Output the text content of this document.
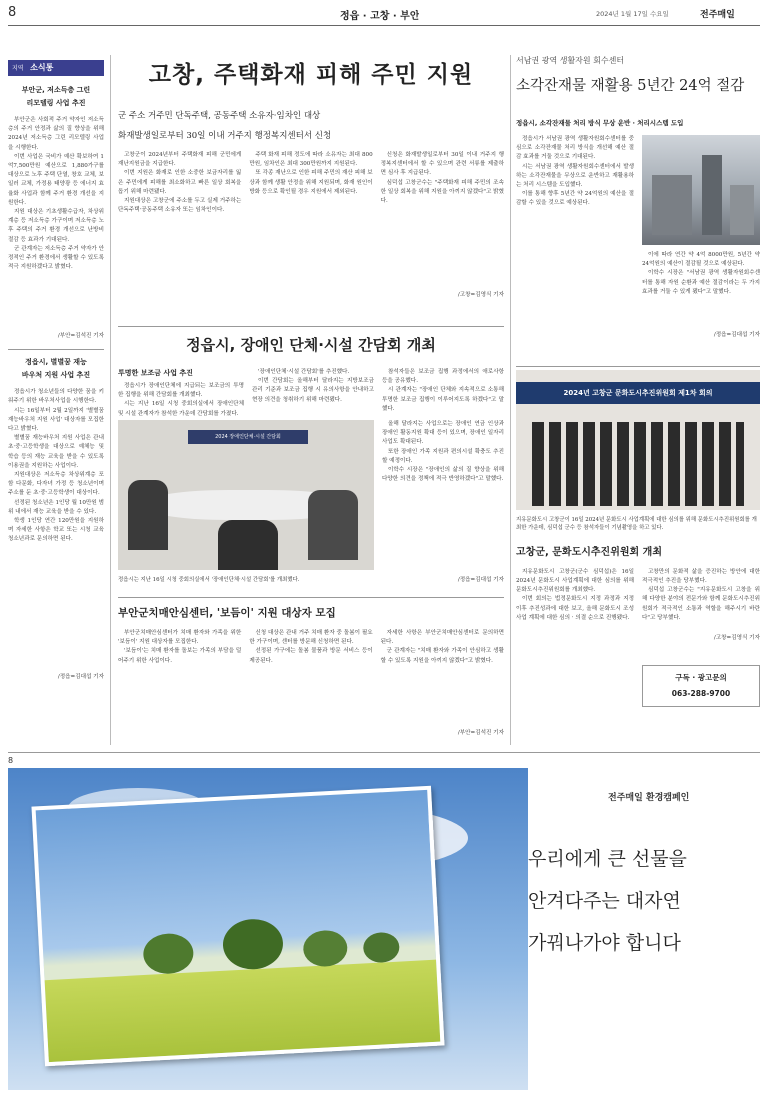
8	정읍 · 고창 · 부안	2024년 1월 17일 수요일	전주매일
지역 소식통
부안군, 저소득층 그린
리모델링 사업 추진

부안군은 사회적 주거 약자인 저소득층의 주거 안정과 삶의 질 향상을 위해 2024년 저소득층 그린 리모델링 사업을 시행한다.

이번 사업은 국비가 예산 확보하여 1억7,500만원 예산으로 1,880가구를 대상으로 노후 주택 단열, 창호 교체, 보일러 교체, 가정용 태양광 등 에너지 효율화 사업과 함께 주거 환경 개선을 지원한다.

지원 대상은 기초생활수급자, 차상위계층 등 저소득층 가구이며 저소득층 노후 주택의 주거 환경 개선으로 난방비 절감 등 효과가 기대된다.

군 관계자는 저소득층 주거 약자가 안정적인 주거 환경에서 생활할 수 있도록 적극 지원하겠다고 밝혔다.

/부안=김석진 기자
정읍시, 별별꿈 재능
바우처 지원 사업 추진

정읍시가 청소년들의 다양한 꿈을 키워주기 위한 바우처사업을 시행한다.

시는 16일부터 2월 2일까지 '별별꿈 재능바우처 지원 사업' 대상자를 모집한다고 밝혔다.

별별꿈 재능바우처 지원 사업은 관내 초·중·고등학생을 대상으로 예체능 및 학습 등의 재능 교육을 받을 수 있도록 이용권을 지원하는 사업이다.

지원대상은 저소득층 차상위계층 포함 다문화, 다자녀 가정 등 청소년이며 주소를 둔 초·중·고등학생이 대상이다.

선정된 청소년은 1인당 월 10만원 범위 내에서 재능 교육을 받을 수 있다.

학생 1인당 연간 120만원을 지원하며 자세한 사항은 학교 또는 시청 교육청소년과로 문의하면 된다.

/정읍=김대섭 기자
고창, 주택화재 피해 주민 지원
군 주소 거주민 단독주택, 공동주택 소유자·임차인 대상
화재발생일로부터 30일 이내 거주지 행정복지센터서 신청

고창군이 2024년부터 주택화재 피해 군민에게 재난지원금을 지급한다.

이번 지원은 화재로 인한 소중한 보금자리를 잃은 주민에게 피해를 최소화하고 빠른 일상 회복을 돕기 위해 마련됐다.

지원대상은 고창군에 주소를 두고 실제 거주하는 단독주택·공동주택 소유자 또는 임차인이다.

주택 화재 피해 정도에 따라 소유자는 최대 800만원, 임차인은 최대 300만원까지 지원된다.

또 각종 재난으로 인한 피해 주민의 재산 피해 보상과 함께 생활 안정을 위해 지원되며, 화재 원인이 방화 등으로 확인될 경우 지원에서 제외된다.

신청은 화재발생일로부터 30일 이내 거주지 행정복지센터에서 할 수 있으며 관련 서류를 제출하면 심사 후 지급된다.

심덕섭 고창군수는 "주택화재 피해 주민의 조속한 일상 회복을 위해 지원을 아끼지 않겠다"고 밝혔다.

/고창=김영식 기자
정읍시, 장애인 단체·시설 간담회 개최
투명한 보조금 사업 추진

정읍시가 장애인단체에 지급되는 보조금의 투명한 집행을 위해 간담회를 개최했다.

시는 지난 16일 시청 중회의실에서 장애인단체 및 시설 관계자가 참석한 가운데 간담회를 가졌다.

'장애인단체·시설 간담회'를 추진했다.

이번 간담회는 올해부터 달라지는 지방보조금 관리 기준과 보조금 집행 시 유의사항을 안내하고 현장 의견을 청취하기 위해 마련됐다.

참석자들은 보조금 집행 과정에서의 애로사항 등을 공유했다.

시 관계자는 "장애인 단체와 지속적으로 소통해 투명한 보조금 집행이 이루어지도록 하겠다"고 말했다.

2024 장애인단체·시설 간담회

올해 달라지는 사업으로는 장애인 연금 인상과 장애인 활동지원 확대 등이 있으며, 장애인 일자리 사업도 확대된다.

또한 장애인 가족 지원과 편의시설 확충도 추진할 예정이다.

이학수 시장은 "장애인의 삶의 질 향상을 위해 다양한 의견을 정책에 적극 반영하겠다"고 말했다.

정읍시는 지난 16일 시청 중회의실에서 '장애인단체·시설 간담회'를 개최했다.	/정읍=김대섭 기자
부안군치매안심센터, '보듬이' 지원 대상자 모집

부안군치매안심센터가 치매 환자와 가족을 위한 '보듬이' 지원 대상자를 모집한다.

'보듬이'는 치매 환자를 돌보는 가족의 부담을 덜어주기 위한 사업이다.

신청 대상은 관내 거주 치매 환자 중 돌봄이 필요한 가구이며, 센터를 방문해 신청하면 된다.

선정된 가구에는 돌봄 물품과 방문 서비스 등이 제공된다.

자세한 사항은 부안군치매안심센터로 문의하면 된다.

군 관계자는 "치매 환자와 가족이 안심하고 생활할 수 있도록 지원을 아끼지 않겠다"고 밝혔다.

/부안=김석진 기자
서남권 광역 생활자원 회수센터
소각잔재물 재활용 5년간 24억 절감
정읍시, 소각잔재물 처리 방식 무상 운반 · 처리시스템 도입

정읍시가 서남권 광역 생활자원회수센터를 중심으로 소각잔재물 처리 방식을 개선해 예산 절감 효과를 거둘 것으로 기대된다.

시는 서남권 광역 생활자원회수센터에서 발생하는 소각잔재물을 무상으로 운반하고 재활용하는 처리 시스템을 도입했다.

이를 통해 향후 5년간 약 24억원의 예산을 절감할 수 있을 것으로 예상된다.

이에 따라 연간 약 4억 8000만원, 5년간 약 24억원의 예산이 절감될 것으로 예상된다.

이학수 시장은 "서남권 광역 생활자원회수센터를 통해 자원 순환과 예산 절감이라는 두 가지 효과를 거둘 수 있게 됐다"고 말했다.

/정읍=김대섭 기자
2024년 고창군 문화도시추진위원회 제1차 회의
지유문화도시 고창군이 16일 2024년 문화도시 사업계획에 대한 심의를 위해 문화도시추진위원회를 개최한 가운데, 심덕섭 군수 등 참석자들이 기념촬영을 하고 있다.
고창군, 문화도시추진위원회 개최

지유문화도시 고창군(군수 심덕섭)은 16일 2024년 문화도시 사업계획에 대한 심의를 위해 문화도시추진위원회를 개최했다.

이번 회의는 법정문화도시 지정 과정과 지정 이후 추진성과에 대한 보고, 올해 문화도시 조성사업 계획에 대한 심의 · 의결 순으로 진행됐다.

고창만의 문화적 삶을 증진하는 방안에 대한 적극적인 추진을 당부했다.

심덕섭 고창군수는 "지유문화도시 고창을 위해 다양한 분야의 전문가와 함께 문화도시추진위원회가 적극적인 소통과 역할을 해주시기 바란다"고 당부했다.

/고창=김영식 기자
구독 · 광고문의
063-288-9700
8
전주매일 환경캠페인
우리에게 큰 선물을
안겨다주는 대자연
가꿔나가야 합니다
